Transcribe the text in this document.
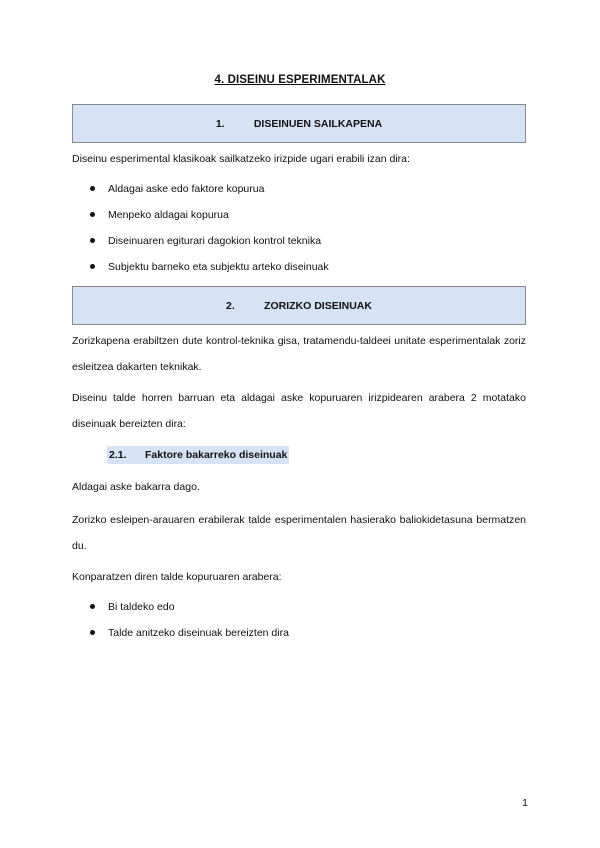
4. DISEINU ESPERIMENTALAK
1.	DISEINUEN SAILKAPENA

Diseinu esperimental klasikoak sailkatzeko irizpide ugari erabili izan dira:

Aldagai aske edo faktore kopurua
Menpeko aldagai kopurua
Diseinuaren egiturari dagokion kontrol teknika
Subjektu barneko eta subjektu arteko diseinuak
2.	ZORIZKO DISEINUAK

Zorizkapena erabiltzen dute kontrol-teknika gisa, tratamendu-taldeei unitate esperimentalak zoriz esleitzea dakarten teknikak.

Diseinu talde horren barruan eta aldagai aske kopuruaren irizpidearen arabera 2 motatako diseinuak bereizten dira:

2.1. Faktore bakarreko diseinuak

Aldagai aske bakarra dago.

Zorizko esleipen-arauaren erabilerak talde esperimentalen hasierako baliokidetasuna bermatzen du.

Konparatzen diren talde kopuruaren arabera:

Bi taldeko edo
Talde anitzeko diseinuak bereizten dira
1
